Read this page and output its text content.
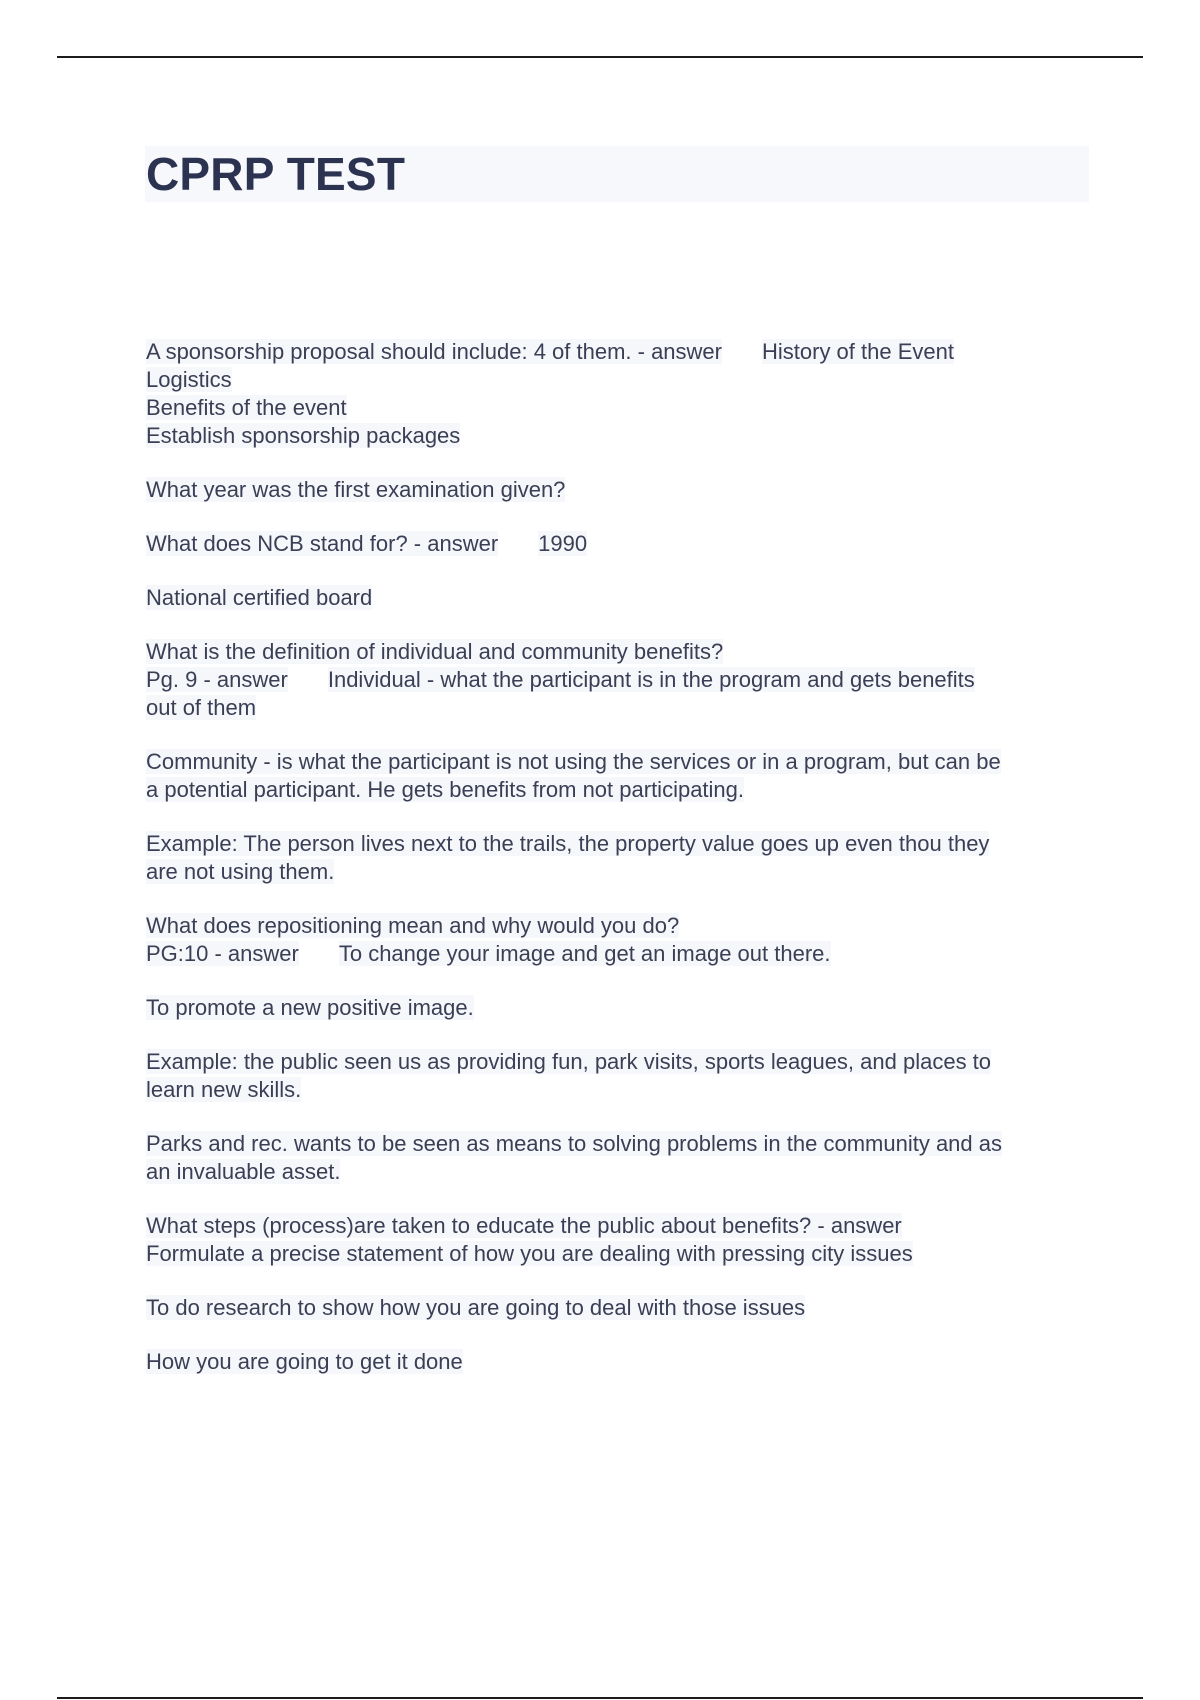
CPRP TEST
A sponsorship proposal should include: 4 of them. - answer History of the Event
Logistics
Benefits of the event
Establish sponsorship packages
What year was the first examination given?
What does NCB stand for? - answer 1990
National certified board
What is the definition of individual and community benefits?
Pg. 9 - answer Individual - what the participant is in the program and gets benefits
out of them
Community - is what the participant is not using the services or in a program, but can be
a potential participant. He gets benefits from not participating.
Example: The person lives next to the trails, the property value goes up even thou they
are not using them.
What does repositioning mean and why would you do?
PG:10 - answer To change your image and get an image out there.
To promote a new positive image.
Example: the public seen us as providing fun, park visits, sports leagues, and places to
learn new skills.
Parks and rec. wants to be seen as means to solving problems in the community and as
an invaluable asset.
What steps (process)are taken to educate the public about benefits? - answer
Formulate a precise statement of how you are dealing with pressing city issues
To do research to show how you are going to deal with those issues
How you are going to get it done
